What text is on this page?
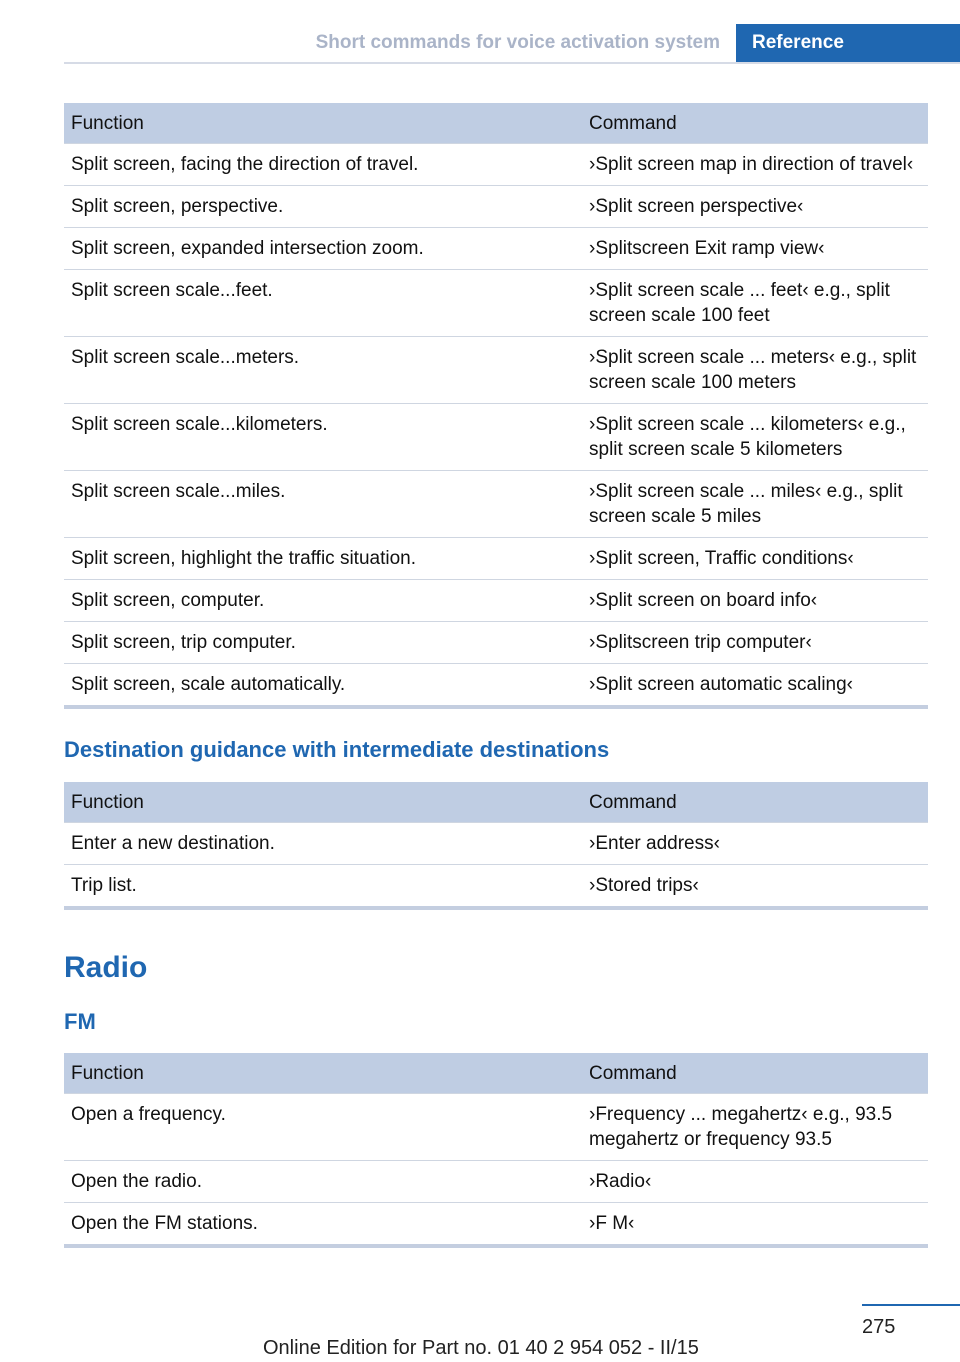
Short commands for voice activation system	Reference
Function	Command
Split screen, facing the direction of travel.	›Split screen map in direction of travel‹
Split screen, perspective.	›Split screen perspective‹
Split screen, expanded intersection zoom.	›Splitscreen Exit ramp view‹
Split screen scale...feet.	›Split screen scale ... feet‹ e.g., split screen scale 100 feet
Split screen scale...meters.	›Split screen scale ... meters‹ e.g., split screen scale 100 meters
Split screen scale...kilometers.	›Split screen scale ... kilometers‹ e.g., split screen scale 5 kilometers
Split screen scale...miles.	›Split screen scale ... miles‹ e.g., split screen scale 5 miles
Split screen, highlight the traffic situation.	›Split screen, Traffic conditions‹
Split screen, computer.	›Split screen on board info‹
Split screen, trip computer.	›Splitscreen trip computer‹
Split screen, scale automatically.	›Split screen automatic scaling‹

Destination guidance with intermediate destinations
Function	Command
Enter a new destination.	›Enter address‹
Trip list.	›Stored trips‹

Radio
FM
Function	Command
Open a frequency.	›Frequency ... megahertz‹ e.g., 93.5 megahertz or frequency 93.5
Open the radio.	›Radio‹
Open the FM stations.	›F M‹

275
Online Edition for Part no. 01 40 2 954 052 - II/15
